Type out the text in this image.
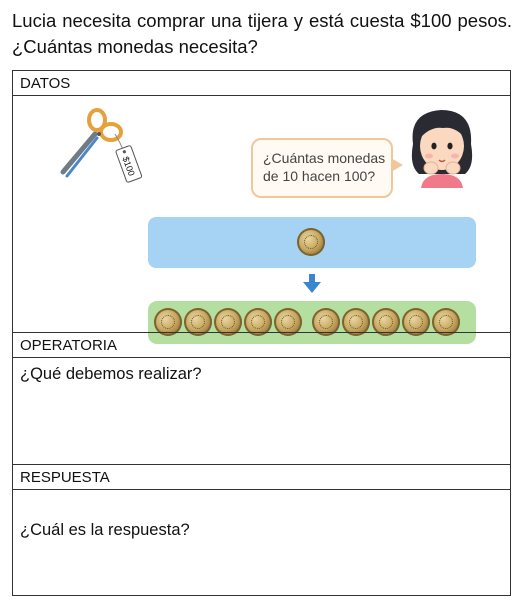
Lucia necesita comprar una tijera y está cuesta $100 pesos. ¿Cuántas monedas necesita?

DATOS
$100	¿Cuántas monedas
de 10 hacen 100?
OPERATORIA
¿Qué debemos realizar?
RESPUESTA
¿Cuál es la respuesta?
